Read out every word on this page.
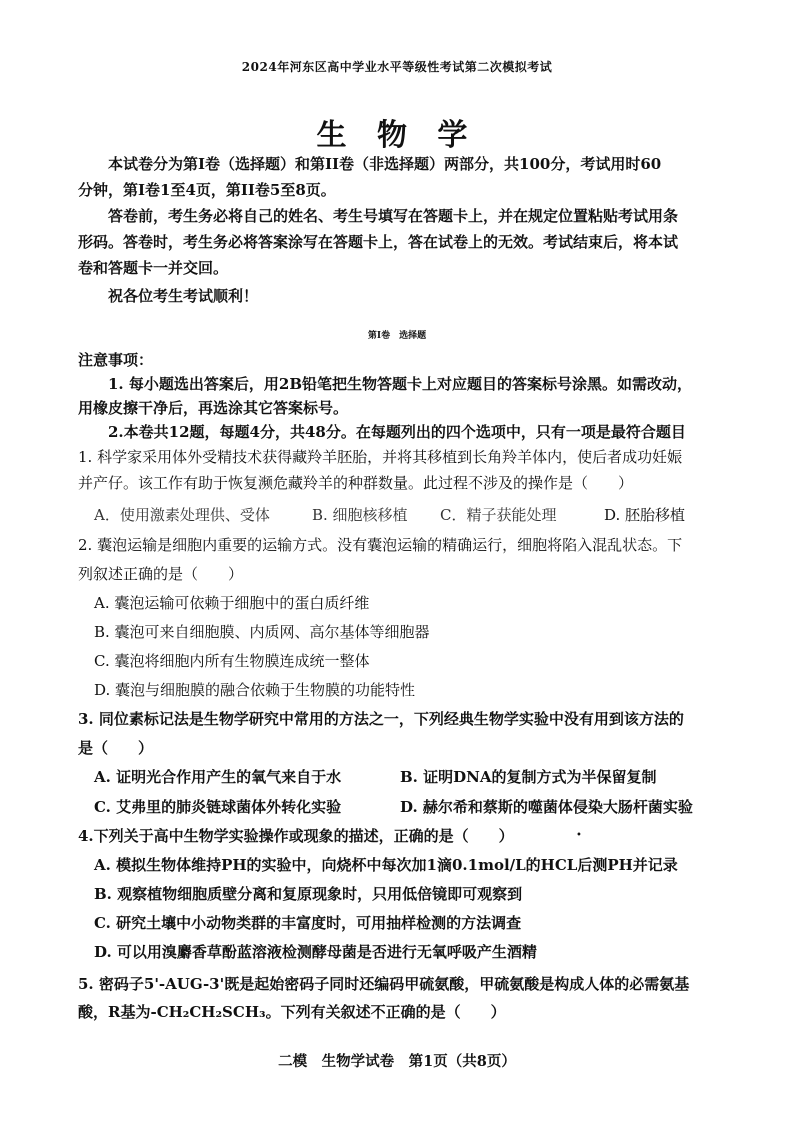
2024年河东区高中学业水平等级性考试第二次模拟考试
生 物 学
本试卷分为第Ⅰ卷（选择题）和第II卷（非选择题）两部分，共100分，考试用时60
分钟，第Ⅰ卷1至4页，第II卷5至8页。
答卷前，考生务必将自己的姓名、考生号填写在答题卡上，并在规定位置粘贴考试用条
形码。答卷时，考生务必将答案涂写在答题卡上，答在试卷上的无效。考试结束后，将本试
卷和答题卡一并交回。
祝各位考生考试顺利！
第Ⅰ卷　选择题
注意事项：
1. 每小题选出答案后，用2B铅笔把生物答题卡上对应题目的答案标号涂黑。如需改动，
用橡皮擦干净后，再选涂其它答案标号。
2.本卷共12题，每题4分，共48分。在每题列出的四个选项中，只有一项是最符合题目
1. 科学家采用体外受精技术获得藏羚羊胚胎，并将其移植到长角羚羊体内，使后者成功妊娠
并产仔。该工作有助于恢复濒危藏羚羊的种群数量。此过程不涉及的操作是（　　）
A．使用激素处理供、受体	B. 细胞核移植 C．精子获能处理	D. 胚胎移植
2. 囊泡运输是细胞内重要的运输方式。没有囊泡运输的精确运行，细胞将陷入混乱状态。下
列叙述正确的是（　　）
A. 囊泡运输可依赖于细胞中的蛋白质纤维
B. 囊泡可来自细胞膜、内质网、高尔基体等细胞器
C. 囊泡将细胞内所有生物膜连成统一整体
D. 囊泡与细胞膜的融合依赖于生物膜的功能特性
3. 同位素标记法是生物学研究中常用的方法之一，下列经典生物学实验中没有用到该方法的
是（　　）
A. 证明光合作用产生的氧气来自于水	B. 证明DNA的复制方式为半保留复制
C. 艾弗里的肺炎链球菌体外转化实验	D. 赫尔希和蔡斯的噬菌体侵染大肠杆菌实验
4.下列关于高中生物学实验操作或现象的描述，正确的是（　　）	•
A. 模拟生物体维持PH的实验中，向烧杯中每次加1滴0.1mol/L的HCL后测PH并记录
B. 观察植物细胞质壁分离和复原现象时，只用低倍镜即可观察到
C. 研究土壤中小动物类群的丰富度时，可用抽样检测的方法调查
D. 可以用溴麝香草酚蓝溶液检测酵母菌是否进行无氧呼吸产生酒精
5. 密码子5'-AUG-3'既是起始密码子同时还编码甲硫氨酸，甲硫氨酸是构成人体的必需氨基
酸，R基为-CH₂CH₂SCH₃。下列有关叙述不正确的是（　　）
二模　生物学试卷　第1页（共8页）
